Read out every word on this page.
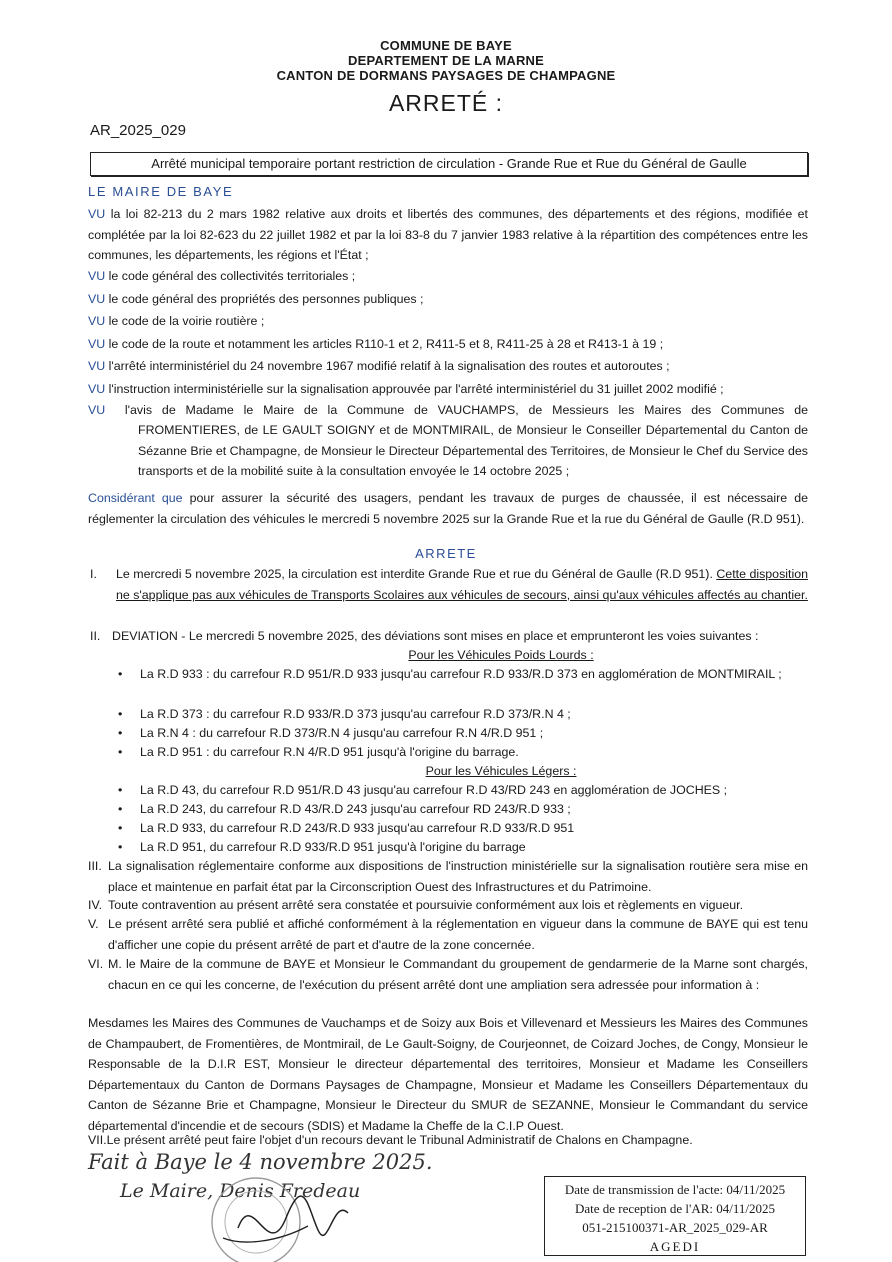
COMMUNE DE BAYE
DEPARTEMENT DE LA MARNE
CANTON DE DORMANS PAYSAGES DE CHAMPAGNE
ARRETÉ :
AR_2025_029
Arrêté municipal temporaire portant restriction de circulation - Grande Rue et Rue du Général de Gaulle
LE MAIRE DE BAYE
VU la loi 82-213 du 2 mars 1982 relative aux droits et libertés des communes, des départements et des régions, modifiée et complétée par la loi 82-623 du 22 juillet 1982 et par la loi 83-8 du 7 janvier 1983 relative à la répartition des compétences entre les communes, les départements, les régions et l'État ;
VU le code général des collectivités territoriales ;
VU le code général des propriétés des personnes publiques ;
VU le code de la voirie routière ;
VU le code de la route et notamment les articles R110-1 et 2, R411-5 et 8, R411-25 à 28 et R413-1 à 19 ;
VU l'arrêté interministériel du 24 novembre 1967 modifié relatif à la signalisation des routes et autoroutes ;
VU l'instruction interministérielle sur la signalisation approuvée par l'arrêté interministériel du 31 juillet 2002 modifié ;
VU l'avis de Madame le Maire de la Commune de VAUCHAMPS, de Messieurs les Maires des Communes de
FROMENTIERES, de LE GAULT SOIGNY et de MONTMIRAIL, de Monsieur le Conseiller Départemental du Canton de Sézanne Brie et Champagne, de Monsieur le Directeur Départemental des Territoires, de Monsieur le Chef du Service des transports et de la mobilité suite à la consultation envoyée le 14 octobre 2025 ;
Considérant que pour assurer la sécurité des usagers, pendant les travaux de purges de chaussée, il est nécessaire de réglementer la circulation des véhicules le mercredi 5 novembre 2025 sur la Grande Rue et la rue du Général de Gaulle (R.D 951).
ARRETE
I. Le mercredi 5 novembre 2025, la circulation est interdite Grande Rue et rue du Général de Gaulle (R.D 951). Cette disposition ne s'applique pas aux véhicules de Transports Scolaires aux véhicules de secours, ainsi qu'aux véhicules affectés au chantier.
II. DEVIATION - Le mercredi 5 novembre 2025, des déviations sont mises en place et emprunteront les voies suivantes :
Pour les Véhicules Poids Lourds :
• La R.D 933 : du carrefour R.D 951/R.D 933 jusqu'au carrefour R.D 933/R.D 373 en agglomération de MONTMIRAIL ;
• La R.D 373 : du carrefour R.D 933/R.D 373 jusqu'au carrefour R.D 373/R.N 4 ;
• La R.N 4 : du carrefour R.D 373/R.N 4 jusqu'au carrefour R.N 4/R.D 951 ;
• La R.D 951 : du carrefour R.N 4/R.D 951 jusqu'à l'origine du barrage.
Pour les Véhicules Légers :
• La R.D 43, du carrefour R.D 951/R.D 43 jusqu'au carrefour R.D 43/RD 243 en agglomération de JOCHES ;
• La R.D 243, du carrefour R.D 43/R.D 243 jusqu'au carrefour RD 243/R.D 933 ;
• La R.D 933, du carrefour R.D 243/R.D 933 jusqu'au carrefour R.D 933/R.D 951
• La R.D 951, du carrefour R.D 933/R.D 951 jusqu'à l'origine du barrage
III. La signalisation réglementaire conforme aux dispositions de l'instruction ministérielle sur la signalisation routière sera mise en place et maintenue en parfait état par la Circonscription Ouest des Infrastructures et du Patrimoine.
IV. Toute contravention au présent arrêté sera constatée et poursuivie conformément aux lois et règlements en vigueur.
V. Le présent arrêté sera publié et affiché conformément à la réglementation en vigueur dans la commune de BAYE qui est tenu d'afficher une copie du présent arrêté de part et d'autre de la zone concernée.
VI. M. le Maire de la commune de BAYE et Monsieur le Commandant du groupement de gendarmerie de la Marne sont chargés, chacun en ce qui les concerne, de l'exécution du présent arrêté dont une ampliation sera adressée pour information à :
Mesdames les Maires des Communes de Vauchamps et de Soizy aux Bois et Villevenard et Messieurs les Maires des Communes de Champaubert, de Fromentières, de Montmirail, de Le Gault-Soigny, de Courjeonnet, de Coizard Joches, de Congy, Monsieur le Responsable de la D.I.R EST, Monsieur le directeur départemental des territoires, Monsieur et Madame les Conseillers Départementaux du Canton de Dormans Paysages de Champagne, Monsieur et Madame les Conseillers Départementaux du Canton de Sézanne Brie et Champagne, Monsieur le Directeur du SMUR de SEZANNE, Monsieur le Commandant du service départemental d'incendie et de secours (SDIS) et Madame la Cheffe de la C.I.P Ouest.
VII.Le présent arrêté peut faire l'objet d'un recours devant le Tribunal Administratif de Chalons en Champagne.
Fait à Baye le 4 novembre 2025.
Le Maire, Denis Fredeau	Date de transmission de l'acte: 04/11/2025
Date de reception de l'AR: 04/11/2025
051-215100371-AR_2025_029-AR
AGEDI
